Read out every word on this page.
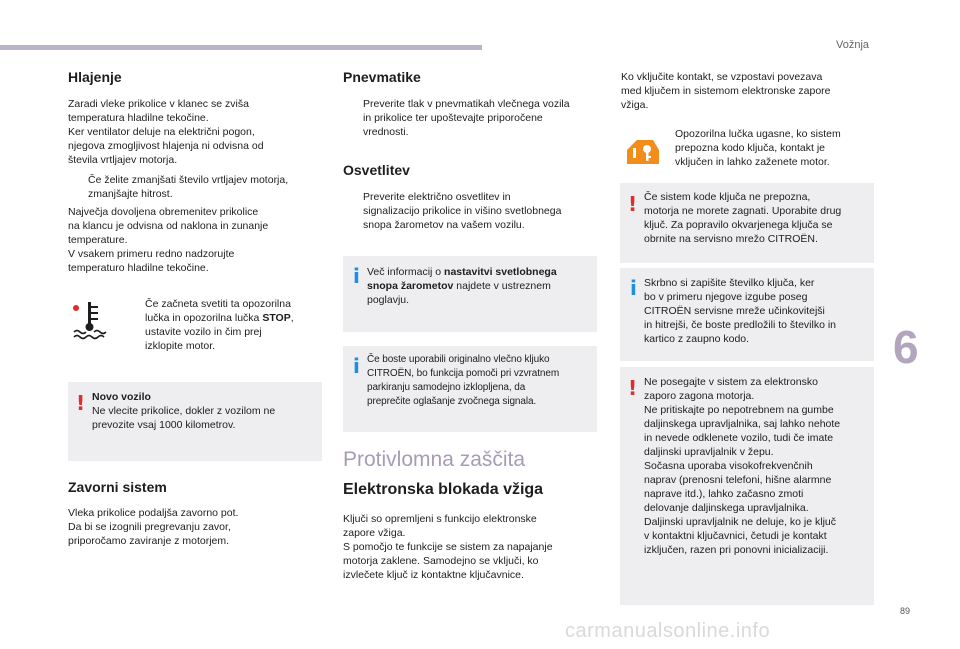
Vožnja
6
89
carmanualsonline.info
Hlajenje
Zaradi vleke prikolice v klanec se zviša
temperatura hladilne tekočine.
Ker ventilator deluje na električni pogon,
njegova zmogljivost hlajenja ni odvisna od
števila vrtljajev motorja.
Če želite zmanjšati število vrtljajev motorja,
zmanjšajte hitrost.
Največja dovoljena obremenitev prikolice
na klancu je odvisna od naklona in zunanje
temperature.
V vsakem primeru redno nadzorujte
temperaturo hladilne tekočine.
Če začneta svetiti ta opozorilna
lučka in opozorilna lučka STOP,
ustavite vozilo in čim prej
izklopite motor.
! Novo vozilo
Ne vlecite prikolice, dokler z vozilom ne
prevozite vsaj 1000 kilometrov.
Zavorni sistem
Vleka prikolice podaljša zavorno pot.
Da bi se izognili pregrevanju zavor,
priporočamo zaviranje z motorjem.
Pnevmatike
Preverite tlak v pnevmatikah vlečnega vozila
in prikolice ter upoštevajte priporočene
vrednosti.
Osvetlitev
Preverite električno osvetlitev in
signalizacijo prikolice in višino svetlobnega
snopa žarometov na vašem vozilu.
i Več informacij o nastavitvi svetlobnega
snopa žarometov najdete v ustreznem
poglavju.
i Če boste uporabili originalno vlečno kljuko
CITROËN, bo funkcija pomoči pri vzvratnem
parkiranju samodejno izklopljena, da
preprečite oglašanje zvočnega signala.
Protivlomna zaščita
Elektronska blokada vžiga
Ključi so opremljeni s funkcijo elektronske
zapore vžiga.
S pomočjo te funkcije se sistem za napajanje
motorja zaklene. Samodejno se vključi, ko
izvlečete ključ iz kontaktne ključavnice.
Ko vključite kontakt, se vzpostavi povezava
med ključem in sistemom elektronske zapore
vžiga.
Opozorilna lučka ugasne, ko sistem
prepozna kodo ključa, kontakt je
vključen in lahko zaženete motor.
! Če sistem kode ključa ne prepozna,
motorja ne morete zagnati. Uporabite drug
ključ. Za popravilo okvarjenega ključa se
obrnite na servisno mrežo CITROËN.
i Skrbno si zapišite številko ključa, ker
bo v primeru njegove izgube poseg
CITROËN servisne mreže učinkovitejši
in hitrejši, če boste predložili to številko in
kartico z zaupno kodo.
! Ne posegajte v sistem za elektronsko
zaporo zagona motorja.
Ne pritiskajte po nepotrebnem na gumbe
daljinskega upravljalnika, saj lahko nehote
in nevede odklenete vozilo, tudi če imate
daljinski upravljalnik v žepu.
Sočasna uporaba visokofrekvenčnih
naprav (prenosni telefoni, hišne alarmne
naprave itd.), lahko začasno zmoti
delovanje daljinskega upravljalnika.
Daljinski upravljalnik ne deluje, ko je ključ
v kontaktni ključavnici, četudi je kontakt
izključen, razen pri ponovni inicializaciji.
